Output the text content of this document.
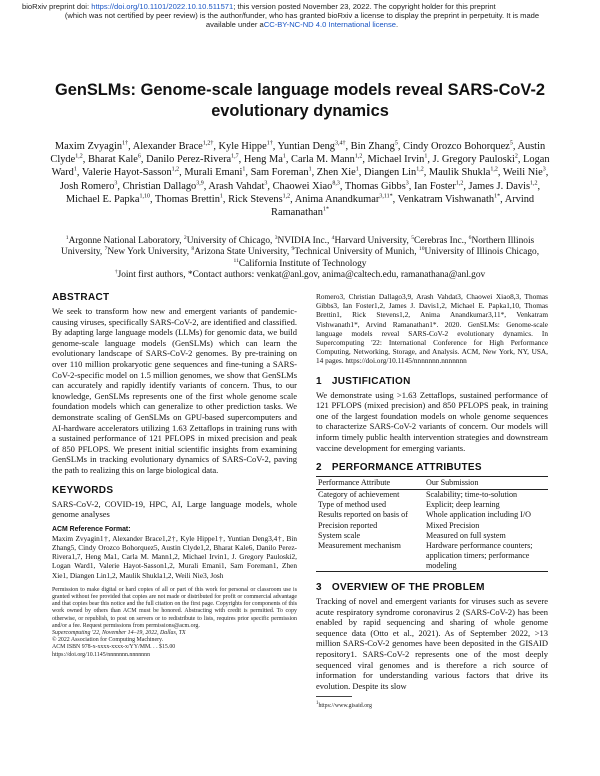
bioRxiv preprint doi: https://doi.org/10.1101/2022.10.10.511571; this version posted November 23, 2022. The copyright holder for this preprint
(which was not certified by peer review) is the author/funder, who has granted bioRxiv a license to display the preprint in perpetuity. It is made
available under aCC-BY-NC-ND 4.0 International license.
GenSLMs: Genome-scale language models reveal SARS-CoV-2
evolutionary dynamics
Maxim Zvyagin$^{1\dagger}$, Alexander Brace$^{1,2\dagger}$, Kyle Hippe$^{1\dagger}$, Yuntian Deng$^{3,4\dagger}$, Bin Zhang$^5$, Cindy Orozco Bohorquez$^5$, Austin Clyde$^{1,2}$, Bharat Kale$^6$, Danilo Perez-Rivera$^{1,7}$, Heng Ma$^1$, Carla M. Mann$^{1,2}$, Michael Irvin$^1$, J. Gregory Pauloski$^2$, Logan Ward$^1$, Valerie Hayot-Sasson$^{1,2}$, Murali Emani$^1$, Sam Foreman$^1$, Zhen Xie$^1$, Diangen Lin$^{1,2}$, Maulik Shukla$^{1,2}$, Weili Nie$^3$, Josh Romero$^3$, Christian Dallago$^{3,9}$, Arash Vahdat$^3$, Chaowei Xiao$^{8,3}$, Thomas Gibbs$^3$, Ian Foster$^{1,2}$, James J. Davis$^{1,2}$, Michael E. Papka$^{1,10}$, Thomas Brettin$^1$, Rick Stevens$^{1,2}$, Anima Anandkumar$^{3,11*}$, Venkatram Vishwanath$^{1*}$, Arvind Ramanathan$^{1*}$
$^1$Argonne National Laboratory, $^2$University of Chicago, $^3$NVIDIA Inc., $^4$Harvard University, $^5$Cerebras Inc., $^6$Northern Illinois University, $^7$New York University, $^8$Arizona State University, $^9$Technical University of Munich, $^{10}$University of Illinois Chicago, $^{11}$California Institute of Technology
†Joint first authors, *Contact authors: venkat@anl.gov, anima@caltech.edu, ramanathana@anl.gov
ABSTRACT

We seek to transform how new and emergent variants of pandemic-causing viruses, specifically SARS-CoV-2, are identified and classified. By adapting large language models (LLMs) for genomic data, we build genome-scale language models (GenSLMs) which can learn the evolutionary landscape of SARS-CoV-2 genomes. By pre-training on over 110 million prokaryotic gene sequences and fine-tuning a SARS-CoV-2-specific model on 1.5 million genomes, we show that GenSLMs can accurately and rapidly identify variants of concern. Thus, to our knowledge, GenSLMs represents one of the first whole genome scale foundation models which can generalize to other prediction tasks. We demonstrate scaling of GenSLMs on GPU-based supercomputers and AI-hardware accelerators utilizing 1.63 Zettaflops in training runs with a sustained performance of 121 PFLOPS in mixed precision and peak of 850 PFLOPS. We present initial scientific insights from examining GenSLMs in tracking evolutionary dynamics of SARS-CoV-2, paving the path to realizing this on large biological data.

KEYWORDS

SARS-CoV-2, COVID-19, HPC, AI, Large language models, whole genome analyses

ACM Reference Format:

Maxim Zvyagin1†, Alexander Brace1,2†, Kyle Hippe1†, Yuntian Deng3,4†, Bin Zhang5, Cindy Orozco Bohorquez5, Austin Clyde1,2, Bharat Kale6, Danilo Perez-Rivera1,7, Heng Ma1, Carla M. Mann1,2, Michael Irvin1, J. Gregory Pauloski2, Logan Ward1, Valerie Hayot-Sasson1,2, Murali Emani1, Sam Foreman1, Zhen Xie1, Diangen Lin1,2, Maulik Shukla1,2, Weili Nie3, Josh

Permission to make digital or hard copies of all or part of this work for personal or classroom use is granted without fee provided that copies are not made or distributed for profit or commercial advantage and that copies bear this notice and the full citation on the first page. Copyrights for components of this work owned by others than ACM must be honored. Abstracting with credit is permitted. To copy otherwise, or republish, to post on servers or to redistribute to lists, requires prior specific permission and/or a fee. Request permissions from permissions@acm.org.

Supercomputing '22, November 14–19, 2022, Dallas, TX

© 2022 Association for Computing Machinery.

ACM ISBN 978-x-xxxx-xxxx-x/YY/MM. . . $15.00

https://doi.org/10.1145/nnnnnnn.nnnnnnn

Romero3, Christian Dallago3,9, Arash Vahdat3, Chaowei Xiao8,3, Thomas Gibbs3, Ian Foster1,2, James J. Davis1,2, Michael E. Papka1,10, Thomas Brettin1, Rick Stevens1,2, Anima Anandkumar3,11*, Venkatram Vishwanath1*, Arvind Ramanathan1*. 2020. GenSLMs: Genome-scale language models reveal SARS-CoV-2 evolutionary dynamics. In Supercomputing '22: International Conference for High Performance Computing, Networking, Storage, and Analysis. ACM, New York, NY, USA, 14 pages. https://doi.org/10.1145/nnnnnnn.nnnnnnn

1 JUSTIFICATION

We demonstrate using >1.63 Zettaflops, sustained performance of 121 PFLOPS (mixed precision) and 850 PFLOPS peak, in training one of the largest foundation models on whole genome sequences to characterize SARS-CoV-2 variants of concern. Our models will inform timely public health intervention strategies and downstream vaccine development for emerging variants.

2 PERFORMANCE ATTRIBUTES
Performance Attribute	Our Submission
Category of achievement	Scalability; time-to-solution
Type of method used	Explicit; deep learning
Results reported on basis of	Whole application including I/O
Precision reported	Mixed Precision
System scale	Measured on full system
Measurement mechanism	Hardware performance counters; application timers; performance modeling
3 OVERVIEW OF THE PROBLEM

Tracking of novel and emergent variants for viruses such as severe acute respiratory syndrome coronavirus 2 (SARS-CoV-2) has been enabled by rapid sequencing and sharing of whole genome sequence data (Otto et al., 2021). As of September 2022, >13 million SARS-CoV-2 genomes have been deposited in the GISAID repository1. SARS-CoV-2 represents one of the most deeply sequenced viral genomes and is therefore a rich source of information for understanding various factors that drive its evolution. Despite its slow

$^1$https://www.gisaid.org
